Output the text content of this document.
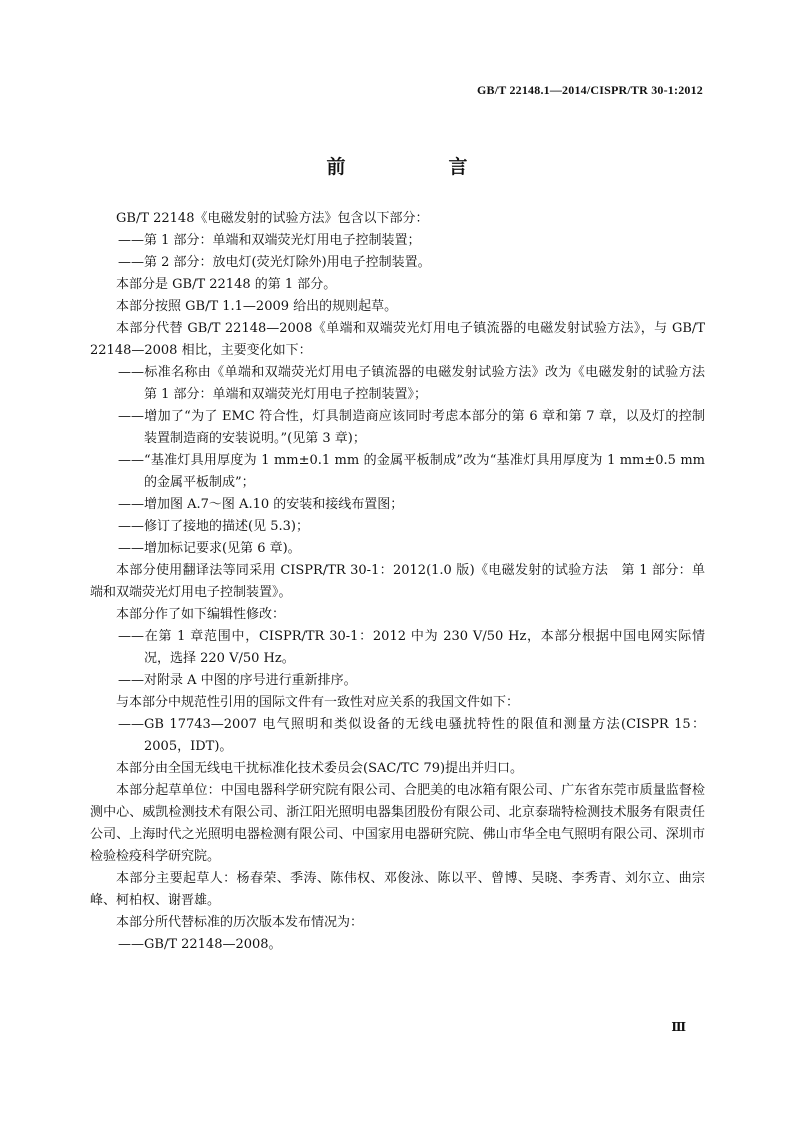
GB/T 22148.1—2014/CISPR/TR 30-1:2012
前　言

GB/T 22148《电磁发射的试验方法》包含以下部分：

——第 1 部分：单端和双端荧光灯用电子控制装置；

——第 2 部分：放电灯(荧光灯除外)用电子控制装置。

本部分是 GB/T 22148 的第 1 部分。

本部分按照 GB/T 1.1—2009 给出的规则起草。

本部分代替 GB/T 22148—2008《单端和双端荧光灯用电子镇流器的电磁发射试验方法》，与 GB/T 22148—2008 相比，主要变化如下：

——标准名称由《单端和双端荧光灯用电子镇流器的电磁发射试验方法》改为《电磁发射的试验方法　第 1 部分：单端和双端荧光灯用电子控制装置》；

——增加了“为了 EMC 符合性，灯具制造商应该同时考虑本部分的第 6 章和第 7 章，以及灯的控制装置制造商的安装说明。”(见第 3 章)；

——“基准灯具用厚度为 1 mm±0.1 mm 的金属平板制成”改为“基准灯具用厚度为 1 mm±0.5 mm 的金属平板制成”；

——增加图 A.7～图 A.10 的安装和接线布置图；

——修订了接地的描述(见 5.3)；

——增加标记要求(见第 6 章)。

本部分使用翻译法等同采用 CISPR/TR 30-1：2012(1.0 版)《电磁发射的试验方法　第 1 部分：单端和双端荧光灯用电子控制装置》。

本部分作了如下编辑性修改：

——在第 1 章范围中，CISPR/TR 30-1：2012 中为 230 V/50 Hz，本部分根据中国电网实际情况，选择 220 V/50 Hz。

——对附录 A 中图的序号进行重新排序。

与本部分中规范性引用的国际文件有一致性对应关系的我国文件如下：

——GB 17743—2007 电气照明和类似设备的无线电骚扰特性的限值和测量方法(CISPR 15：2005，IDT)。

本部分由全国无线电干扰标准化技术委员会(SAC/TC 79)提出并归口。

本部分起草单位：中国电器科学研究院有限公司、合肥美的电冰箱有限公司、广东省东莞市质量监督检测中心、威凯检测技术有限公司、浙江阳光照明电器集团股份有限公司、北京泰瑞特检测技术服务有限责任公司、上海时代之光照明电器检测有限公司、中国家用电器研究院、佛山市华全电气照明有限公司、深圳市检验检疫科学研究院。

本部分主要起草人：杨春荣、季涛、陈伟权、邓俊泳、陈以平、曾博、吴晓、李秀青、刘尔立、曲宗峰、柯柏权、谢晋雄。

本部分所代替标准的历次版本发布情况为：

——GB/T 22148—2008。

Ⅲ
